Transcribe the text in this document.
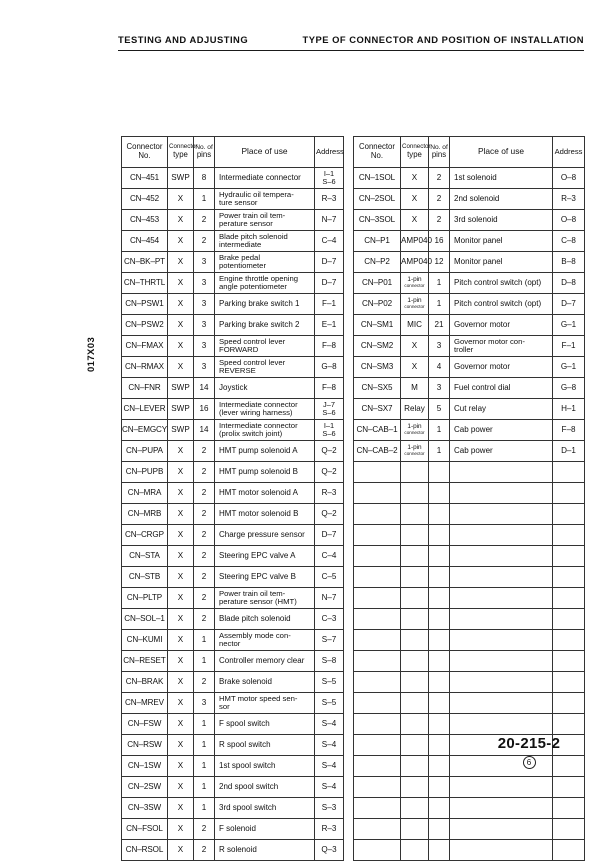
TESTING AND ADJUSTING	TYPE OF CONNECTOR AND POSITION OF INSTALLATION
017X03
Connector
No.	Connector
type	No. of
pins	Place of use	Address
CN–451	SWP	8	Intermediate connector	I–1
S–6

CN–452	X	1	Hydraulic oil tempera-
ture sensor	R–3
CN–453	X	2	Power train oil tem-
perature sensor	N–7
CN–454	X	2	Blade pitch solenoid
intermediate	C–4
CN–BK–PT	X	3	Brake pedal
potentiometer	D–7
CN–THRTL	X	3	Engine throttle opening
angle potentiometer	D–7
CN–PSW1	X	3	Parking brake switch 1	F–1
CN–PSW2	X	3	Parking brake switch 2	E–1
CN–FMAX	X	3	Speed control lever
FORWARD	F–8
CN–RMAX	X	3	Speed control lever
REVERSE	G–8
CN–FNR	SWP	14	Joystick	F–8
CN–LEVER	SWP	16	Intermediate connector
(lever wiring harness)	J–7
S–6

CN–EMGCY	SWP	14	Intermediate connector
(prolix switch joint)	I–1
S–6

CN–PUPA	X	2	HMT pump solenoid A	Q–2
CN–PUPB	X	2	HMT pump solenoid B	Q–2
CN–MRA	X	2	HMT motor solenoid A	R–3
CN–MRB	X	2	HMT motor solenoid B	Q–2
CN–CRGP	X	2	Charge pressure sensor	D–7
CN–STA	X	2	Steering EPC valve A	C–4
CN–STB	X	2	Steering EPC valve B	C–5
CN–PLTP	X	2	Power train oil tem-
perature sensor (HMT)	N–7
CN–SOL–1	X	2	Blade pitch solenoid	C–3
CN–KUMI	X	1	Assembly mode con-
nector	S–7
CN–RESET	X	1	Controller memory clear	S–8
CN–BRAK	X	2	Brake solenoid	S–5
CN–MREV	X	3	HMT motor speed sen-
sor	S–5
CN–FSW	X	1	F spool switch	S–4
CN–RSW	X	1	R spool switch	S–4
CN–1SW	X	1	1st spool switch	S–4
CN–2SW	X	1	2nd spool switch	S–4
CN–3SW	X	1	3rd spool switch	S–3
CN–FSOL	X	2	F solenoid	R–3
CN–RSOL	X	2	R solenoid	Q–3
Connector
No.	Connector
type	No. of
pins	Place of use	Address
CN–1SOL	X	2	1st solenoid	O–8
CN–2SOL	X	2	2nd solenoid	R–3
CN–3SOL	X	2	3rd solenoid	O–8
CN–P1	AMP040	16	Monitor panel	C–8
CN–P2	AMP040	12	Monitor panel	B–8
CN–P01	1-pin
connector	1	Pitch control switch (opt)	D–8
CN–P02	1-pin
connector	1	Pitch control switch (opt)	D–7
CN–SM1	MIC	21	Governor motor	G–1
CN–SM2	X	3	Governor motor con-
troller	F–1
CN–SM3	X	4	Governor motor	G–1
CN–SX5	M	3	Fuel control dial	G–8
CN–SX7	Relay	5	Cut relay	H–1
CN–CAB–1	1-pin
connector	1	Cab power	F–8
CN–CAB–2	1-pin
connector	1	Cab power	D–1

20-215-2
6
